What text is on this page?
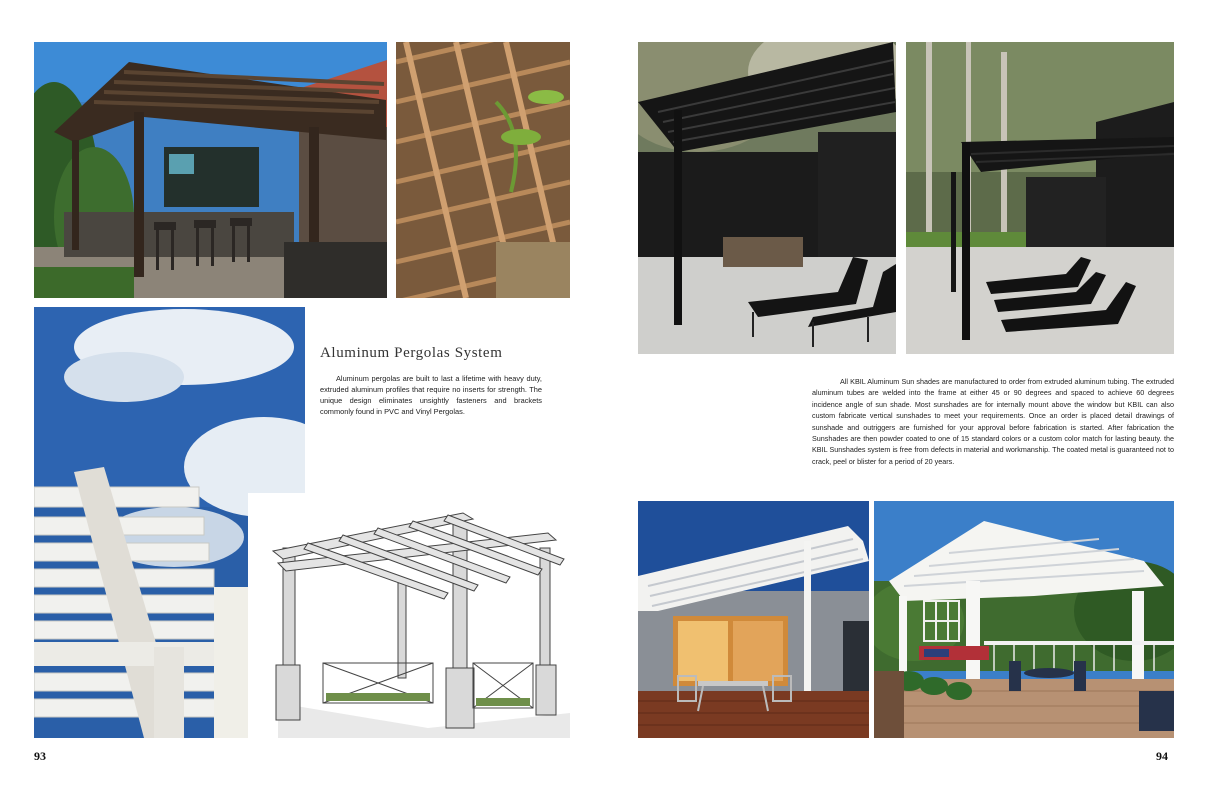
Aluminum Pergolas System

Aluminum pergolas are built to last a lifetime with heavy duty, extruded aluminum profiles that require no inserts for strength. The unique design eliminates unsightly fasteners and brackets commonly found in PVC and Vinyl Pergolas.

93

All KBIL Aluminum Sun shades are manufactured to order from extruded aluminum tubing. The extruded aluminum tubes are welded into the frame at either 45 or 90 degrees and spaced to achieve 60 degrees incidence angle of sun shade. Most sunshades are for internally mount above the window but KBIL can also custom fabricate vertical sunshades to meet your requirements. Once an order is placed detail drawings of sunshade and outriggers are furnished for your approval before fabrication is started. After fabrication the Sunshades are then powder coated to one of 15 standard colors or a custom color match for lasting beauty. the KBIL Sunshades system is free from defects in material and workmanship. The coated metal is guaranteed not to crack, peel or blister for a period of 20 years.

94
